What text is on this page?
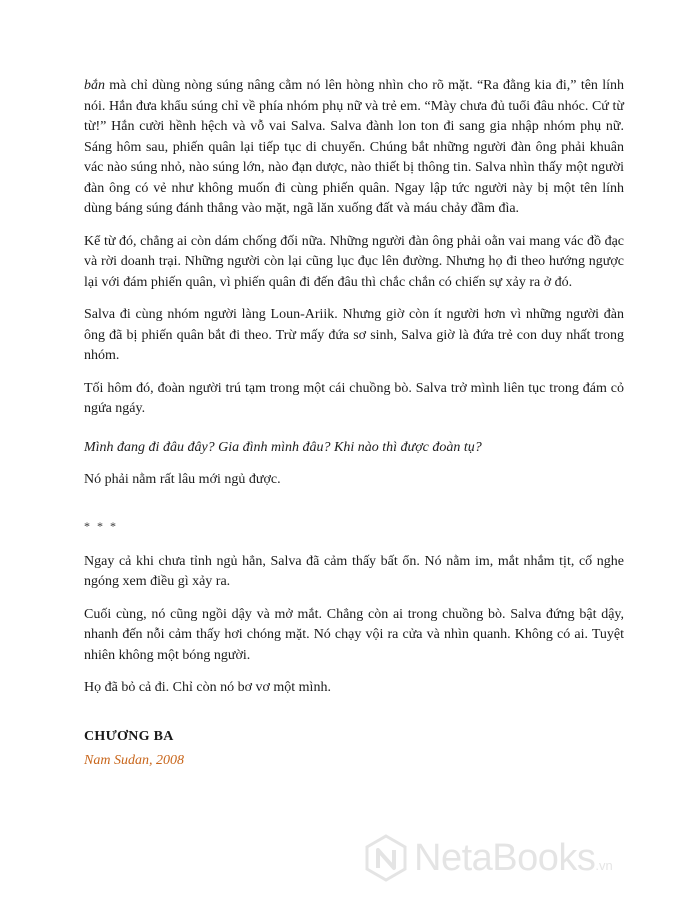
bắn mà chỉ dùng nòng súng nâng cằm nó lên hòng nhìn cho rõ mặt. “Ra đằng kia đi,” tên lính nói. Hắn đưa khẩu súng chỉ về phía nhóm phụ nữ và trẻ em. “Mày chưa đủ tuổi đâu nhóc. Cứ từ từ!” Hắn cười hềnh hệch và vỗ vai Salva. Salva đành lon ton đi sang gia nhập nhóm phụ nữ. Sáng hôm sau, phiến quân lại tiếp tục di chuyển. Chúng bắt những người đàn ông phải khuân vác nào súng nhỏ, nào súng lớn, nào đạn dược, nào thiết bị thông tin. Salva nhìn thấy một người đàn ông có vẻ như không muốn đi cùng phiến quân. Ngay lập tức người này bị một tên lính dùng báng súng đánh thẳng vào mặt, ngã lăn xuống đất và máu chảy đầm đìa.

Kể từ đó, chẳng ai còn dám chống đối nữa. Những người đàn ông phải oằn vai mang vác đồ đạc và rời doanh trại. Những người còn lại cũng lục đục lên đường. Nhưng họ đi theo hướng ngược lại với đám phiến quân, vì phiến quân đi đến đâu thì chắc chắn có chiến sự xảy ra ở đó.

Salva đi cùng nhóm người làng Loun-Ariik. Nhưng giờ còn ít người hơn vì những người đàn ông đã bị phiến quân bắt đi theo. Trừ mấy đứa sơ sinh, Salva giờ là đứa trẻ con duy nhất trong nhóm.

Tối hôm đó, đoàn người trú tạm trong một cái chuồng bò. Salva trở mình liên tục trong đám cỏ ngứa ngáy.

Mình đang đi đâu đây? Gia đình mình đâu? Khi nào thì được đoàn tụ?

Nó phải nằm rất lâu mới ngủ được.

* * *

Ngay cả khi chưa tỉnh ngủ hẳn, Salva đã cảm thấy bất ổn. Nó nằm im, mắt nhắm tịt, cố nghe ngóng xem điều gì xảy ra.

Cuối cùng, nó cũng ngồi dậy và mở mắt. Chẳng còn ai trong chuồng bò. Salva đứng bật dậy, nhanh đến nỗi cảm thấy hơi chóng mặt. Nó chạy vội ra cửa và nhìn quanh. Không có ai. Tuyệt nhiên không một bóng người.

Họ đã bỏ cả đi. Chỉ còn nó bơ vơ một mình.

CHƯƠNG BA

Nam Sudan, 2008

NetaBooks .vn
